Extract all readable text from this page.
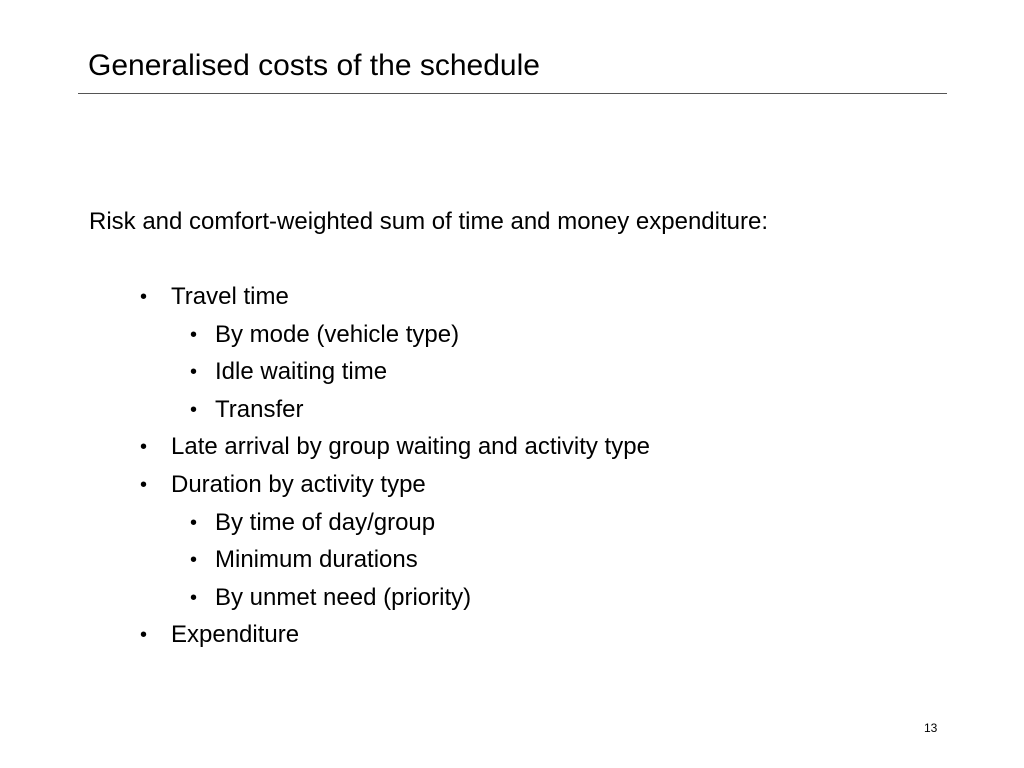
Generalised costs of the schedule
Risk and comfort-weighted sum of time and money expenditure:
• Travel time
• By mode (vehicle type)
• Idle waiting time
• Transfer
• Late arrival by group waiting and activity type
• Duration by activity type
• By time of day/group
• Minimum durations
• By unmet need (priority)
• Expenditure
13
